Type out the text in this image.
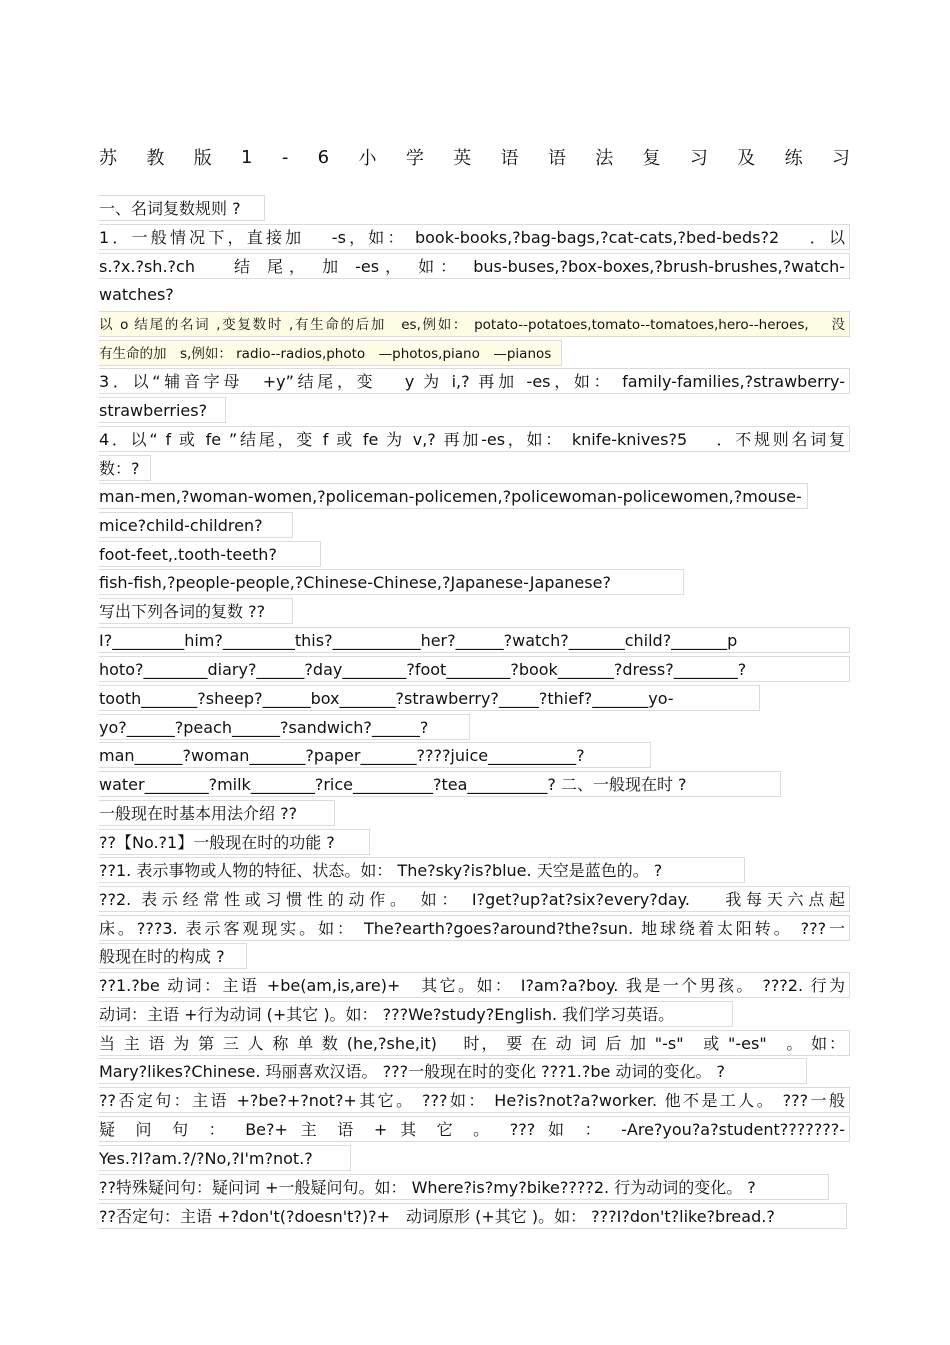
苏 教 版 1 - 6 小 学 英 语 语 法 复 习 及 练 习
一、名词复数规则 ?
1．一般情况下，直接加　 -s，如： book-books,?bag-bags,?cat-cats,?bed-beds?2　 ．以
s.?x.?sh.?ch　 结 尾， 加 -es， 如： bus-buses,?box-boxes,?brush-brushes,?watch-
watches?
以 o 结尾的名词 ,变复数时 ,有生命的后加　es,例如： potato--potatoes,tomato--tomatoes,hero--heroes,　 没
有生命的加　s,例如： radio--radios,photo　—photos,piano　—pianos
3．以“辅音字母　+y”结尾，变　 y 为 i,? 再加 -es，如： family-families,?strawberry-
strawberries?
4．以“ f 或 fe ”结尾，变 f 或 fe 为 v,? 再加-es，如： knife-knives?5　 ．不规则名词复
数：?
man-men,?woman-women,?policeman-policemen,?policewoman-policewomen,?mouse-
mice?child-children?
foot-feet,.tooth-teeth?
fish-fish,?people-people,?Chinese-Chinese,?Japanese-Japanese?
写出下列各词的复数 ??
I?_________him?_________this?___________her?______?watch?_______child?_______p
hoto?________diary?______?day________?foot________?book_______?dress?________?
tooth_______?sheep?______box_______?strawberry?_____?thief?_______yo-
yo?______?peach______?sandwich?______?
man______?woman_______?paper_______????juice___________?
water________?milk________?rice__________?tea__________? 二、一般现在时 ?
一般现在时基本用法介绍 ??
??【No.?1】一般现在时的功能 ?
??1. 表示事物或人物的特征、状态。如： The?sky?is?blue. 天空是蓝色的。 ?
??2. 表示经常性或习惯性的动作。 如： I?get?up?at?six?every?day.　 我每天六点起
床。???3. 表示客观现实。如： The?earth?goes?around?the?sun. 地球绕着太阳转。 ???一
般现在时的构成 ?
??1.?be 动词：主语 +be(am,is,are)+　其它。如： I?am?a?boy. 我是一个男孩。 ???2. 行为
动词：主语 +行为动词 (+其它 )。如： ???We?study?English. 我们学习英语。
当 主 语 为 第 三 人 称 单 数 (he,?she,it)　 时， 要 在 动 词 后 加 "-s"　或 "-es"　。 如：
Mary?likes?Chinese. 玛丽喜欢汉语。 ???一般现在时的变化 ???1.?be 动词的变化。 ?
??否定句：主语 +?be?+?not?+其它。 ???如： He?is?not?a?worker. 他不是工人。 ???一般
疑 问 句 ： Be?+ 主 语 + 其 它 。 ??? 如 ： -Are?you?a?student???????-
Yes.?I?am.?/?No,?I'm?not.?
??特殊疑问句：疑问词 +一般疑问句。如： Where?is?my?bike????2. 行为动词的变化。 ?
??否定句：主语 +?don't(?doesn't?)?+　动词原形 (+其它 )。如： ???I?don't?like?bread.?
